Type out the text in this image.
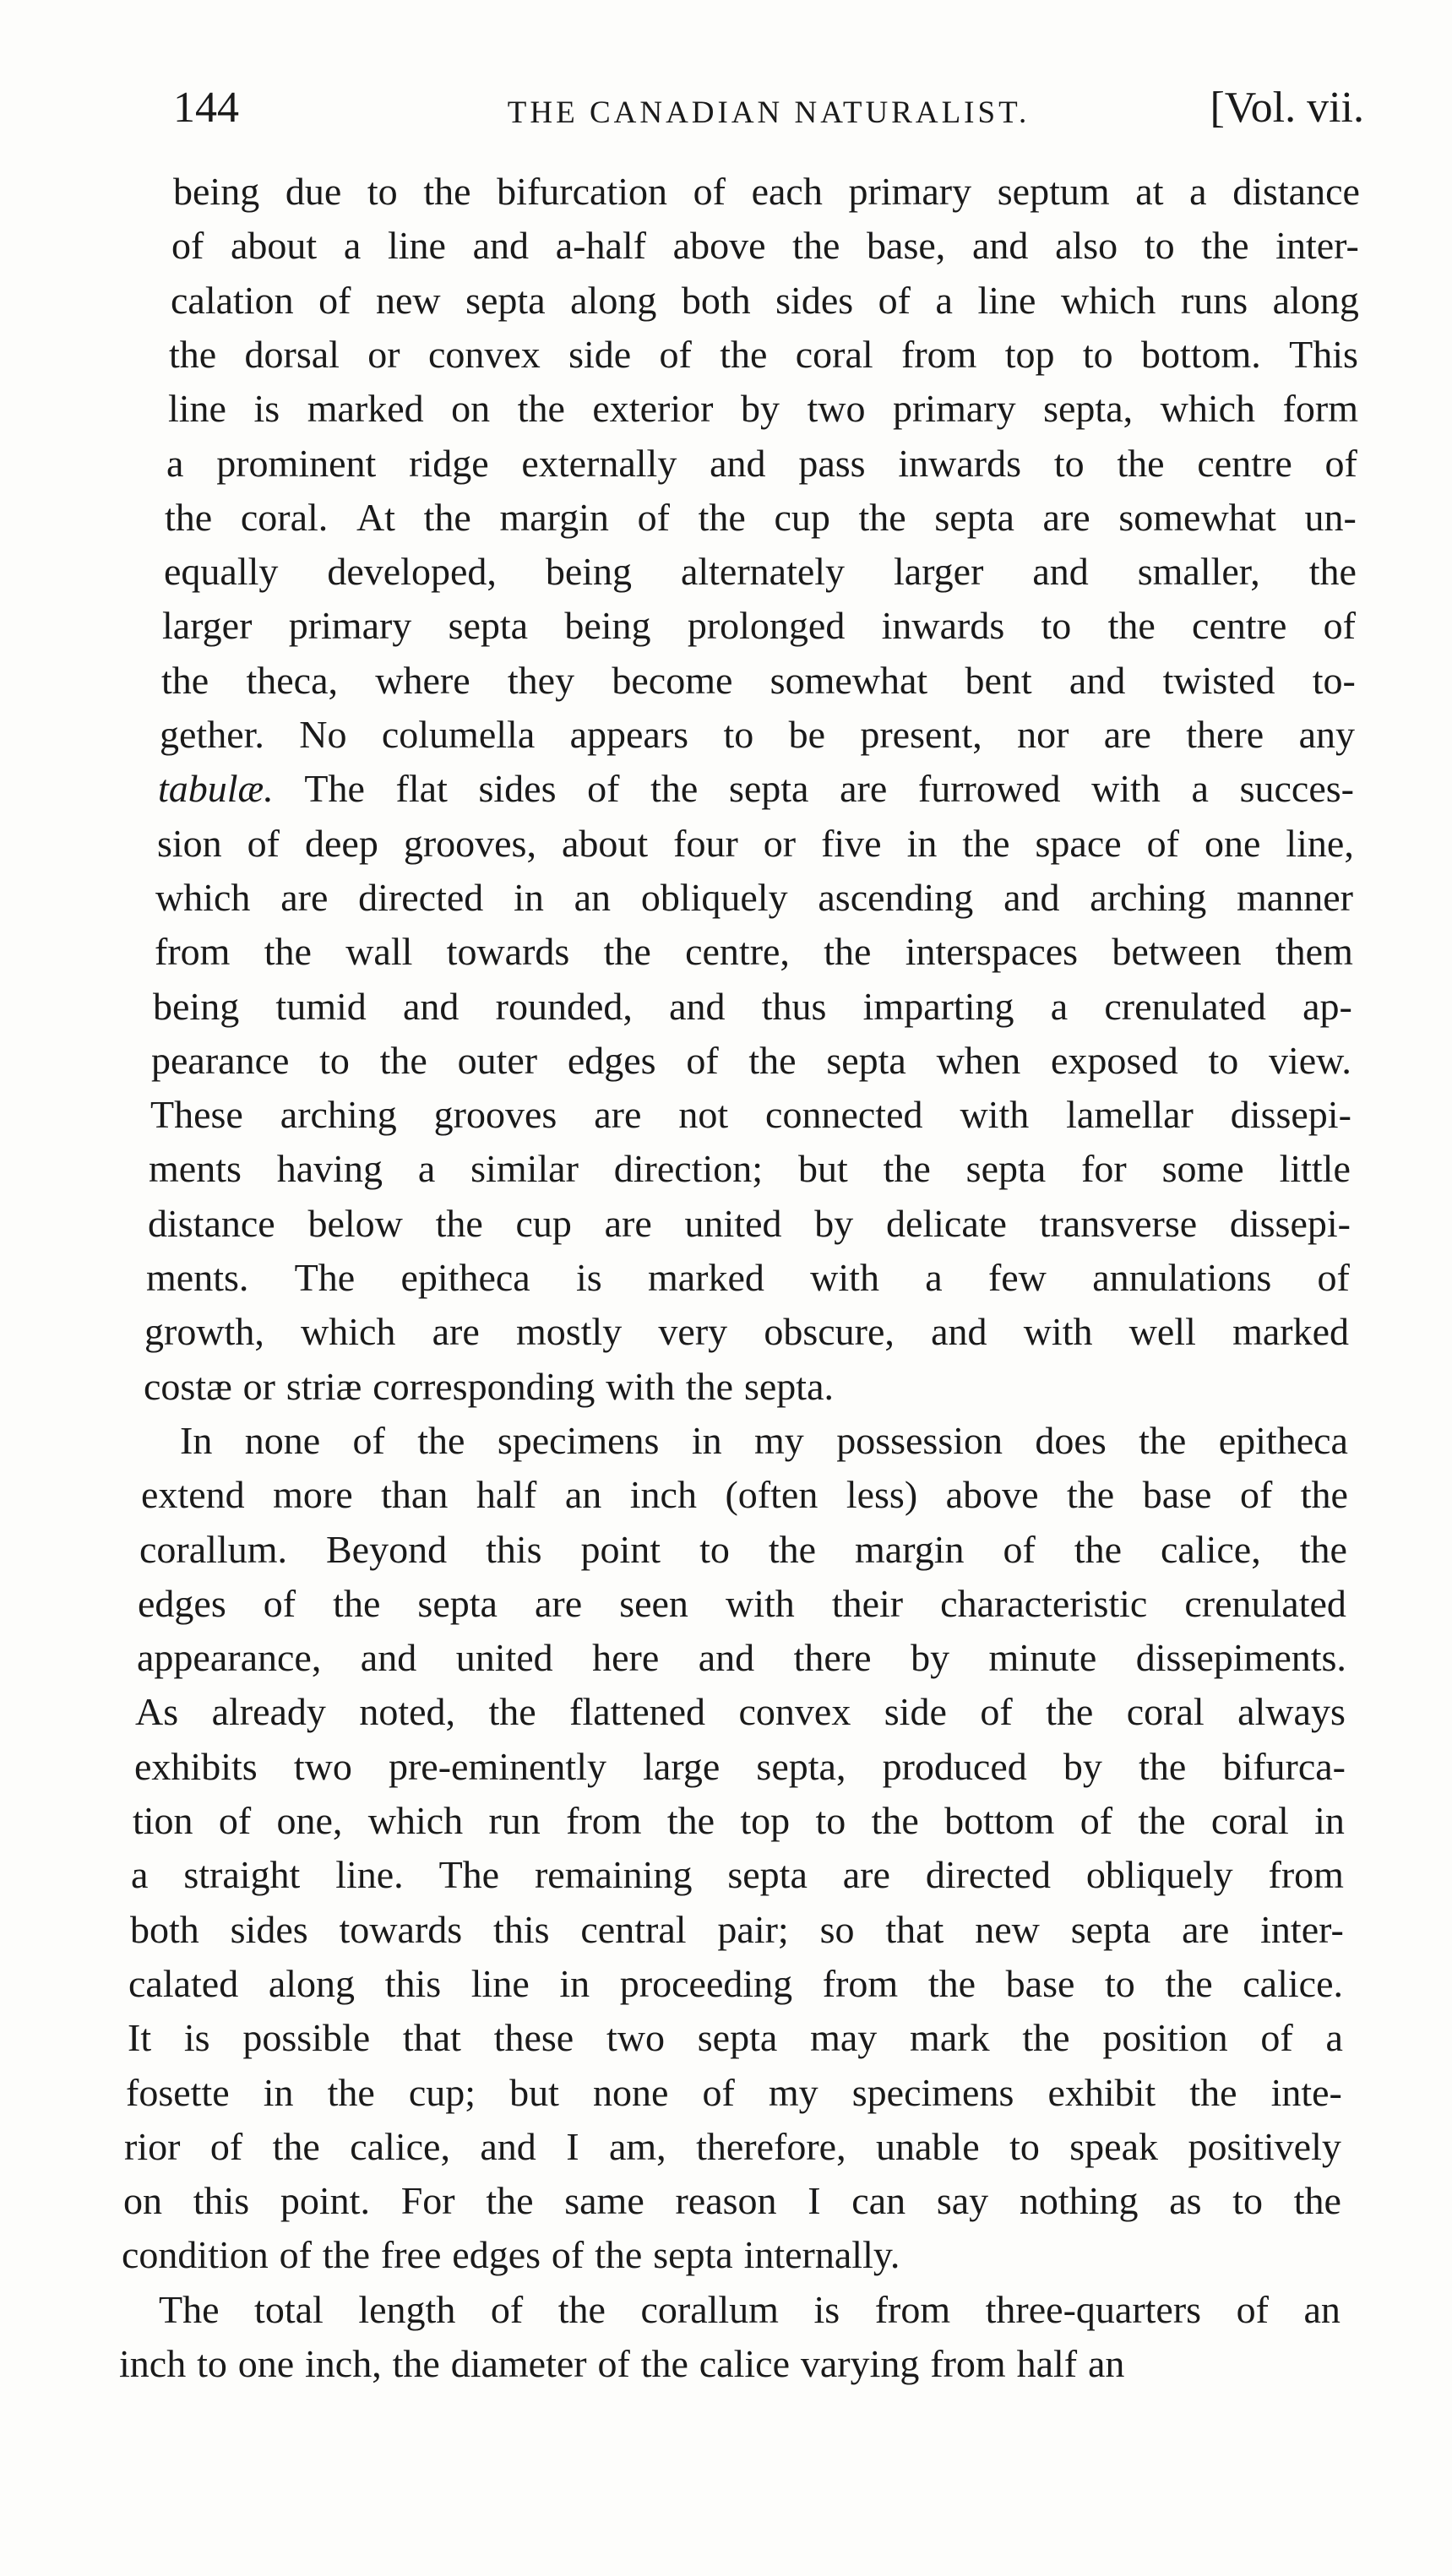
144	THE CANADIAN NATURALIST.	[Vol. vii.
being due to the bifurcation of each primary septum at a distance
of about a line and a-half above the base, and also to the inter-
calation of new septa along both sides of a line which runs along
the dorsal or convex side of the coral from top to bottom. This
line is marked on the exterior by two primary septa, which form
a prominent ridge externally and pass inwards to the centre of
the coral. At the margin of the cup the septa are somewhat un-
equally developed, being alternately larger and smaller, the
larger primary septa being prolonged inwards to the centre of
the theca, where they become somewhat bent and twisted to-
gether. No columella appears to be present, nor are there any
tabulæ. The flat sides of the septa are furrowed with a succes-
sion of deep grooves, about four or five in the space of one line,
which are directed in an obliquely ascending and arching manner
from the wall towards the centre, the interspaces between them
being tumid and rounded, and thus imparting a crenulated ap-
pearance to the outer edges of the septa when exposed to view.
These arching grooves are not connected with lamellar dissepi-
ments having a similar direction; but the septa for some little
distance below the cup are united by delicate transverse dissepi-
ments. The epitheca is marked with a few annulations of
growth, which are mostly very obscure, and with well marked
costæ or striæ corresponding with the septa.
In none of the specimens in my possession does the epitheca
extend more than half an inch (often less) above the base of the
corallum. Beyond this point to the margin of the calice, the
edges of the septa are seen with their characteristic crenulated
appearance, and united here and there by minute dissepiments.
As already noted, the flattened convex side of the coral always
exhibits two pre-eminently large septa, produced by the bifurca-
tion of one, which run from the top to the bottom of the coral in
a straight line. The remaining septa are directed obliquely from
both sides towards this central pair; so that new septa are inter-
calated along this line in proceeding from the base to the calice.
It is possible that these two septa may mark the position of a
fosette in the cup; but none of my specimens exhibit the inte-
rior of the calice, and I am, therefore, unable to speak positively
on this point. For the same reason I can say nothing as to the
condition of the free edges of the septa internally.
The total length of the corallum is from three-quarters of an
inch to one inch, the diameter of the calice varying from half an
